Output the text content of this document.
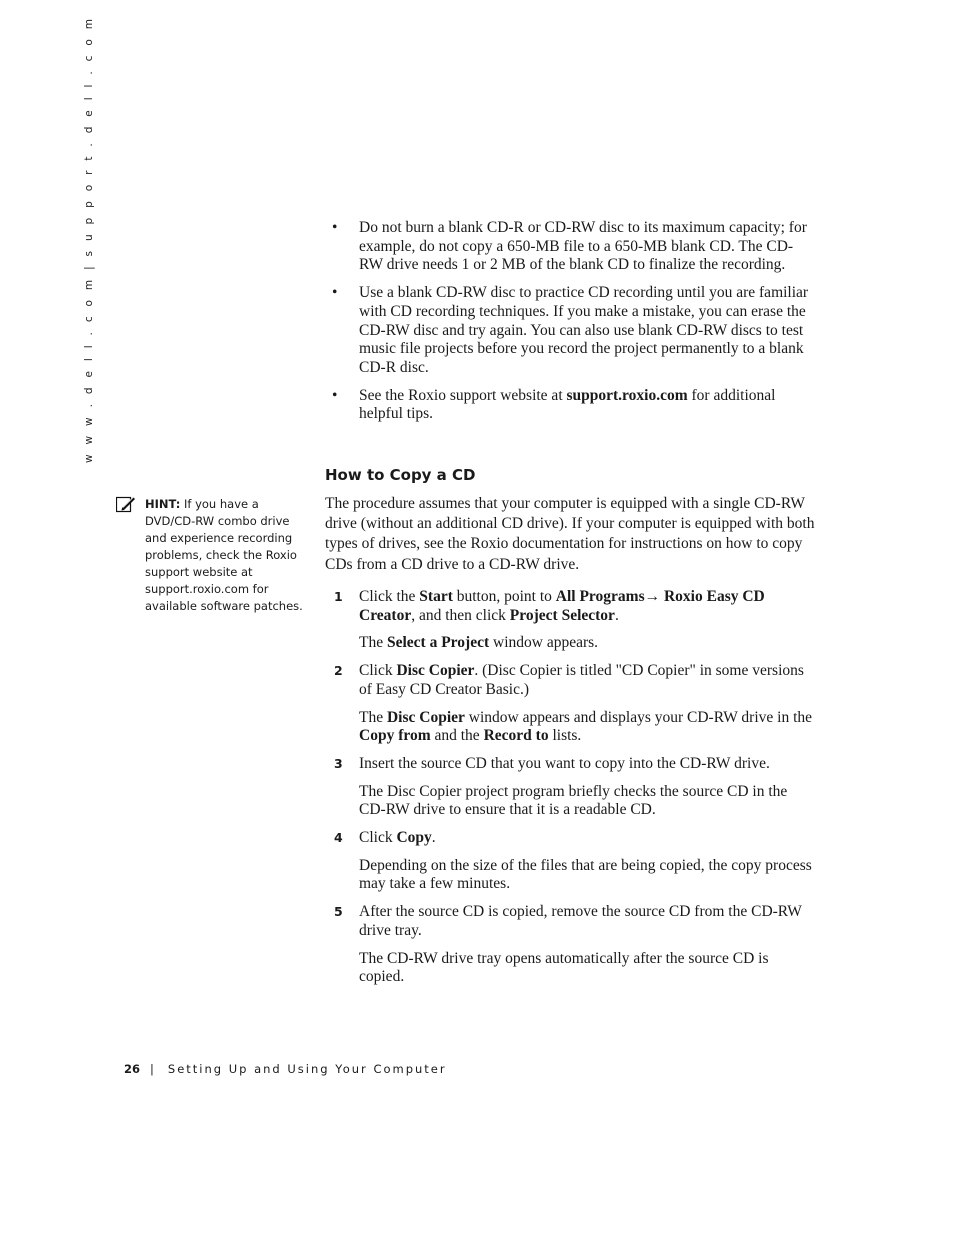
w w w . d e l l . c o m | s u p p o r t . d e l l . c o m	• Do not burn a blank CD-R or CD-RW disc to its maximum capacity; for example, do not copy a 650-MB file to a 650-MB blank CD. The CD-RW drive needs 1 or 2 MB of the blank CD to finalize the recording.
• Use a blank CD-RW disc to practice CD recording until you are familiar with CD recording techniques. If you make a mistake, you can erase the CD-RW disc and try again. You can also use blank CD-RW discs to test music file projects before you record the project permanently to a blank CD-R disc.
• See the Roxio support website at support.roxio.com for additional helpful tips.
How to Copy a CD
The procedure assumes that your computer is equipped with a single CD-RW drive (without an additional CD drive). If your computer is equipped with both types of drives, see the Roxio documentation for instructions on how to copy CDs from a CD drive to a CD-RW drive.
1 Click the Start button, point to All Programs→ Roxio Easy CD Creator, and then click Project Selector.
The Select a Project window appears.
2 Click Disc Copier. (Disc Copier is titled "CD Copier" in some versions of Easy CD Creator Basic.)
The Disc Copier window appears and displays your CD-RW drive in the Copy from and the Record to lists.
3 Insert the source CD that you want to copy into the CD-RW drive.
The Disc Copier project program briefly checks the source CD in the CD-RW drive to ensure that it is a readable CD.
4 Click Copy.
Depending on the size of the files that are being copied, the copy process may take a few minutes.
5 After the source CD is copied, remove the source CD from the CD-RW drive tray.
The CD-RW drive tray opens automatically after the source CD is copied.
HINT: If you have a DVD/CD-RW combo drive and experience recording problems, check the Roxio support website at support.roxio.com for available software patches.
26 | Setting Up and Using Your Computer
